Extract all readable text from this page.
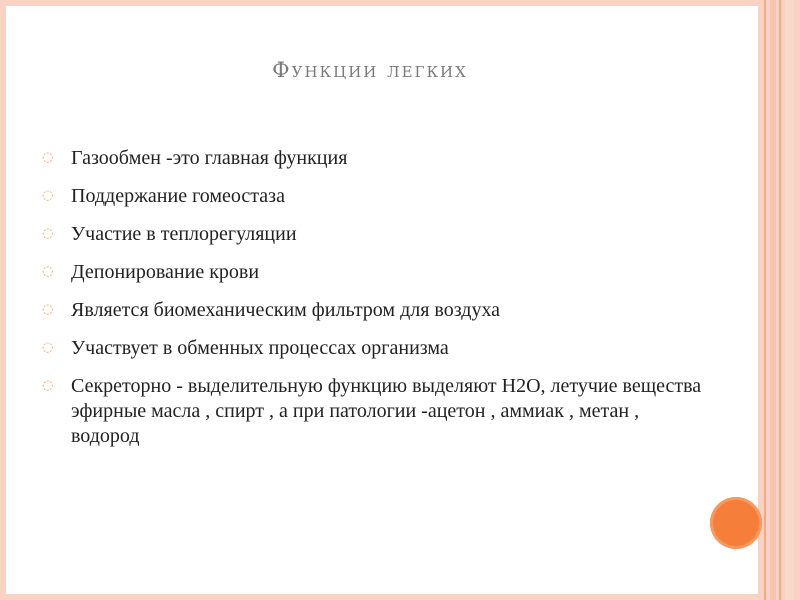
Функции легких
◌ Газообмен -это главная функция
◌ Поддержание гомеостаза
◌ Участие в теплорегуляции
◌ Депонирование крови
◌ Является биомеханическим фильтром для воздуха
◌ Участвует в обменных процессах организма
◌ Секреторно - выделительную функцию выделяют Н2О, летучие вещества эфирные масла , спирт , а при патологии -ацетон , аммиак , метан , водород
